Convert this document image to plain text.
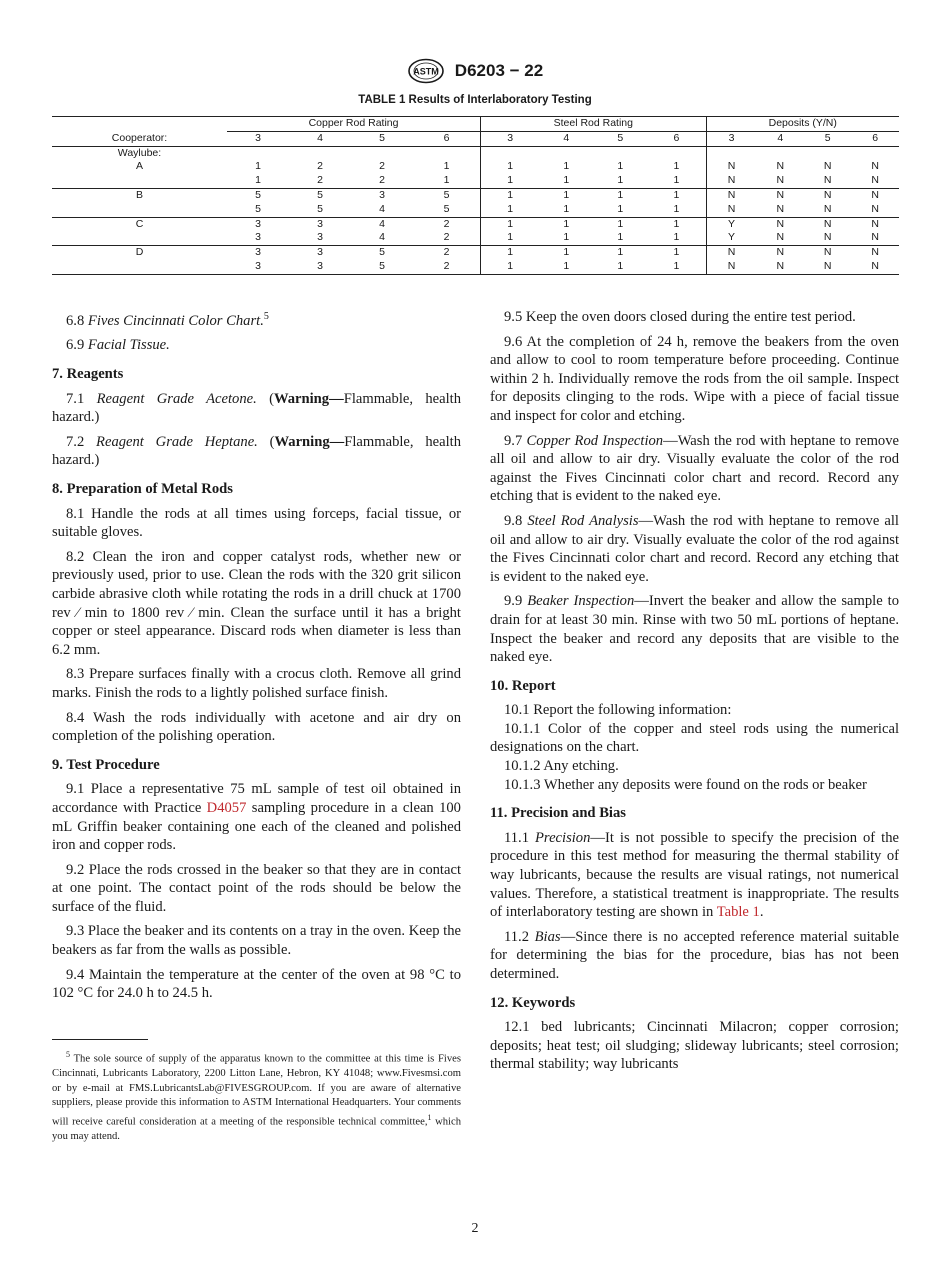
ASTM D6203 − 22
TABLE 1 Results of Interlaboratory Testing
	Copper Rod Rating				Steel Rod Rating				Deposits (Y/N)			
Cooperator:	3	4	5	6	3	4	5	6	3	4	5	6
Waylube:												
A	1	2	2	1	1	1	1	1	N	N	N	N
	1	2	2	1	1	1	1	1	N	N	N	N
B	5	5	3	5	1	1	1	1	N	N	N	N
	5	5	4	5	1	1	1	1	N	N	N	N
C	3	3	4	2	1	1	1	1	Y	N	N	N
	3	3	4	2	1	1	1	1	Y	N	N	N
D	3	3	5	2	1	1	1	1	N	N	N	N
	3	3	5	2	1	1	1	1	N	N	N	N

6.8 Fives Cincinnati Color Chart.$^5$

6.9 Facial Tissue.

7. Reagents

7.1 Reagent Grade Acetone. (Warning—Flammable, health hazard.)

7.2 Reagent Grade Heptane. (Warning—Flammable, health hazard.)

8. Preparation of Metal Rods

8.1 Handle the rods at all times using forceps, facial tissue, or suitable gloves.

8.2 Clean the iron and copper catalyst rods, whether new or previously used, prior to use. Clean the rods with the 320 grit silicon carbide abrasive cloth while rotating the rods in a drill chuck at 1700 rev ⁄ min to 1800 rev ⁄ min. Clean the surface until it has a bright copper or steel appearance. Discard rods when diameter is less than 6.2 mm.

8.3 Prepare surfaces finally with a crocus cloth. Remove all grind marks. Finish the rods to a lightly polished surface finish.

8.4 Wash the rods individually with acetone and air dry on completion of the polishing operation.

9. Test Procedure

9.1 Place a representative 75 mL sample of test oil obtained in accordance with Practice D4057 sampling procedure in a clean 100 mL Griffin beaker containing one each of the cleaned and polished iron and copper rods.

9.2 Place the rods crossed in the beaker so that they are in contact at one point. The contact point of the rods should be below the surface of the fluid.

9.3 Place the beaker and its contents on a tray in the oven. Keep the beakers as far from the walls as possible.

9.4 Maintain the temperature at the center of the oven at 98 °C to 102 °C for 24.0 h to 24.5 h.

$^5$ The sole source of supply of the apparatus known to the committee at this time is Fives Cincinnati, Lubricants Laboratory, 2200 Litton Lane, Hebron, KY 41048; www.Fivesmsi.com or by e-mail at FMS.LubricantsLab@FIVESGROUP.com. If you are aware of alternative suppliers, please provide this information to ASTM International Headquarters. Your comments will receive careful consideration at a meeting of the responsible technical committee,$^1$ which you may attend.

9.5 Keep the oven doors closed during the entire test period.

9.6 At the completion of 24 h, remove the beakers from the oven and allow to cool to room temperature before proceeding. Continue within 2 h. Individually remove the rods from the oil sample. Inspect for deposits clinging to the rods. Wipe with a piece of facial tissue and inspect for color and etching.

9.7 Copper Rod Inspection—Wash the rod with heptane to remove all oil and allow to air dry. Visually evaluate the color of the rod against the Fives Cincinnati color chart and record. Record any etching that is evident to the naked eye.

9.8 Steel Rod Analysis—Wash the rod with heptane to remove all oil and allow to air dry. Visually evaluate the color of the rod against the Fives Cincinnati color chart and record. Record any etching that is evident to the naked eye.

9.9 Beaker Inspection—Invert the beaker and allow the sample to drain for at least 30 min. Rinse with two 50 mL portions of heptane. Inspect the beaker and record any deposits that are visible to the naked eye.

10. Report

10.1 Report the following information:

10.1.1 Color of the copper and steel rods using the numerical designations on the chart.

10.1.2 Any etching.

10.1.3 Whether any deposits were found on the rods or beaker

11. Precision and Bias

11.1 Precision—It is not possible to specify the precision of the procedure in this test method for measuring the thermal stability of way lubricants, because the results are visual ratings, not numerical values. Therefore, a statistical treatment is inappropriate. The results of interlaboratory testing are shown in Table 1.

11.2 Bias—Since there is no accepted reference material suitable for determining the bias for the procedure, bias has not been determined.

12. Keywords

12.1 bed lubricants; Cincinnati Milacron; copper corrosion; deposits; heat test; oil sludging; slideway lubricants; steel corrosion; thermal stability; way lubricants

2
